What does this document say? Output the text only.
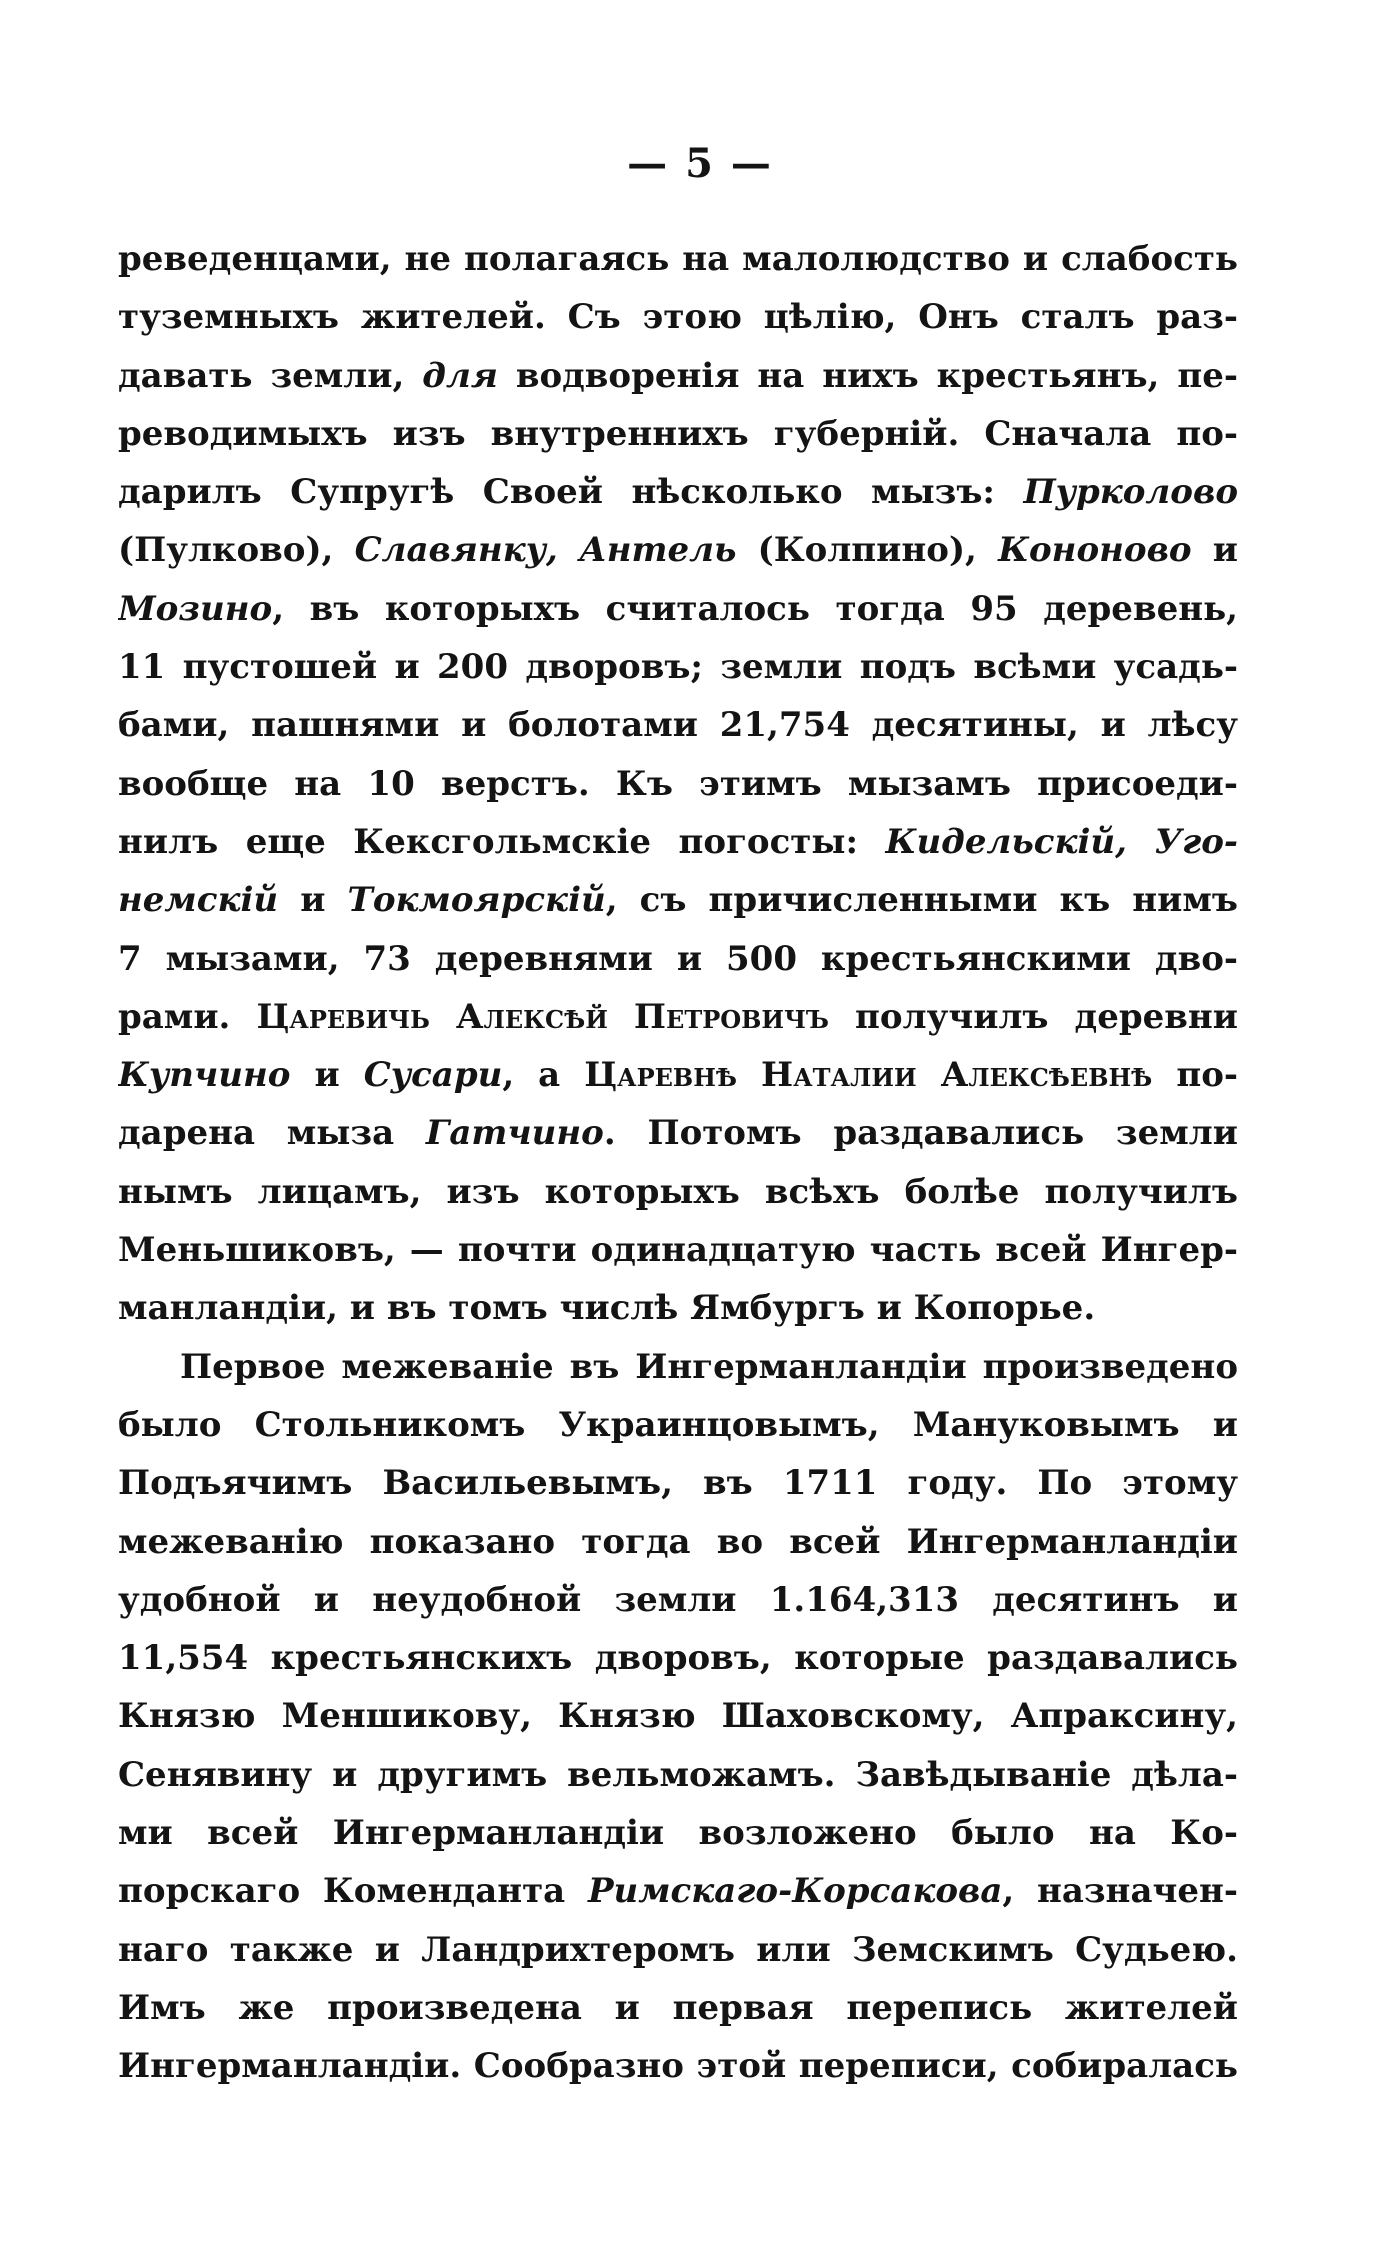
— 5 —
реведенцами, не полагаясь на малолюдство и слабость
туземныхъ жителей. Съ этою цѣлію, Онъ сталъ раз-
давать земли, для водворенія на нихъ крестьянъ, пе-
реводимыхъ изъ внутреннихъ губерній. Сначала по-
дарилъ Супругѣ Своей нѣсколько мызъ: Пурколово
(Пулково), Славянку, Антель (Колпино), Кононово и
Мозино, въ которыхъ считалось тогда 95 деревень,
11 пустошей и 200 дворовъ; земли подъ всѣми усадь-
бами, пашнями и болотами 21,754 десятины, и лѣсу
вообще на 10 верстъ. Къ этимъ мызамъ присоеди-
нилъ еще Кексгольмскіе погосты: Кидельскій, Уго-
немскій и Токмоярскій, съ причисленными къ нимъ
7 мызами, 73 деревнями и 500 крестьянскими дво-
рами. Царевичь Алексѣй Петровичъ получилъ деревни
Купчино и Сусари, а Царевнѣ Наталии Алексѣевнѣ по-
дарена мыза Гатчино. Потомъ раздавались земли
нымъ лицамъ, изъ которыхъ всѣхъ болѣе получилъ
Меньшиковъ, — почти одинадцатую часть всей Ингер-
манландіи, и въ томъ числѣ Ямбургъ и Копорье.
Первое межеваніе въ Ингерманландіи произведено
было Стольникомъ Украинцовымъ, Мануковымъ и
Подъячимъ Васильевымъ, въ 1711 году. По этому
межеванію показано тогда во всей Ингерманландіи
удобной и неудобной земли 1.164,313 десятинъ и
11,554 крестьянскихъ дворовъ, которые раздавались
Князю Меншикову, Князю Шаховскому, Апраксину,
Сенявину и другимъ вельможамъ. Завѣдываніе дѣла-
ми всей Ингерманландіи возложено было на Ко-
порскаго Коменданта Римскаго-Корсакова, назначен-
наго также и Ландрихтеромъ или Земскимъ Судьею.
Имъ же произведена и первая перепись жителей
Ингерманландіи. Сообразно этой переписи, собиралась
